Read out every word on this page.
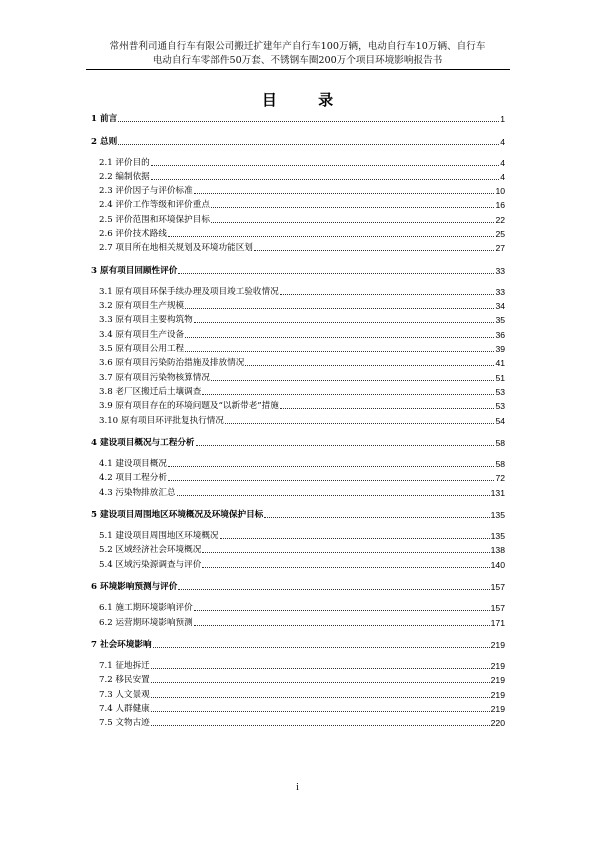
常州普利司通自行车有限公司搬迁扩建年产自行车100万辆，电动自行车10万辆、自行车
电动自行车零部件50万套、不锈钢车圈200万个项目环境影响报告书
目 录
1 前言	1
2 总则	4
2.1 评价目的	4
2.2 编制依据	4
2.3 评价因子与评价标准	10
2.4 评价工作等级和评价重点	16
2.5 评价范围和环境保护目标	22
2.6 评价技术路线	25
2.7 项目所在地相关规划及环境功能区划	27
3 原有项目回顾性评价	33
3.1 原有项目环保手续办理及项目竣工验收情况	33
3.2 原有项目生产规模	34
3.3 原有项目主要构筑物	35
3.4 原有项目生产设备	36
3.5 原有项目公用工程	39
3.6 原有项目污染防治措施及排放情况	41
3.7 原有项目污染物核算情况	51
3.8 老厂区搬迁后土壤调查	53
3.9 原有项目存在的环境问题及“以新带老”措施	53
3.10 原有项目环评批复执行情况	54
4 建设项目概况与工程分析	58
4.1 建设项目概况	58
4.2 项目工程分析	72
4.3 污染物排放汇总	131
5 建设项目周围地区环境概况及环境保护目标	135
5.1 建设项目周围地区环境概况	135
5.2 区域经济社会环境概况	138
5.4 区域污染源调查与评价	140
6 环境影响预测与评价	157
6.1 施工期环境影响评价	157
6.2 运营期环境影响预测	171
7 社会环境影响	219
7.1 征地拆迁	219
7.2 移民安置	219
7.3 人文景观	219
7.4 人群健康	219
7.5 文物古迹	220
i
